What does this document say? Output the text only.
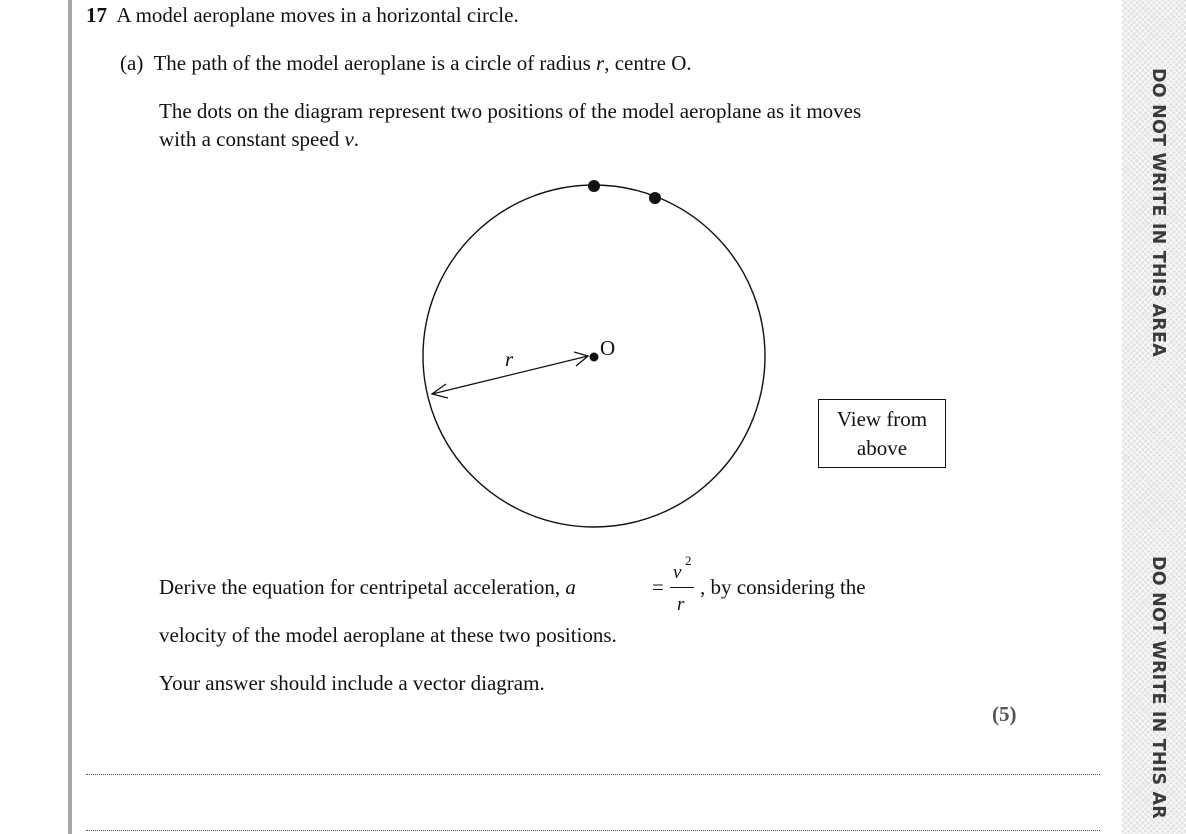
DO NOT WRITE IN THIS AREA
DO NOT WRITE IN THIS AR
17 A model aeroplane moves in a horizontal circle.
(a) The path of the model aeroplane is a circle of radius r, centre O.
The dots on the diagram represent two positions of the model aeroplane as it moves
with a constant speed v.
r	O
View from
above
Derive the equation for centripetal acceleration, a	=
v
2
r
, by considering the
velocity of the model aeroplane at these two positions.
Your answer should include a vector diagram.
(5)
